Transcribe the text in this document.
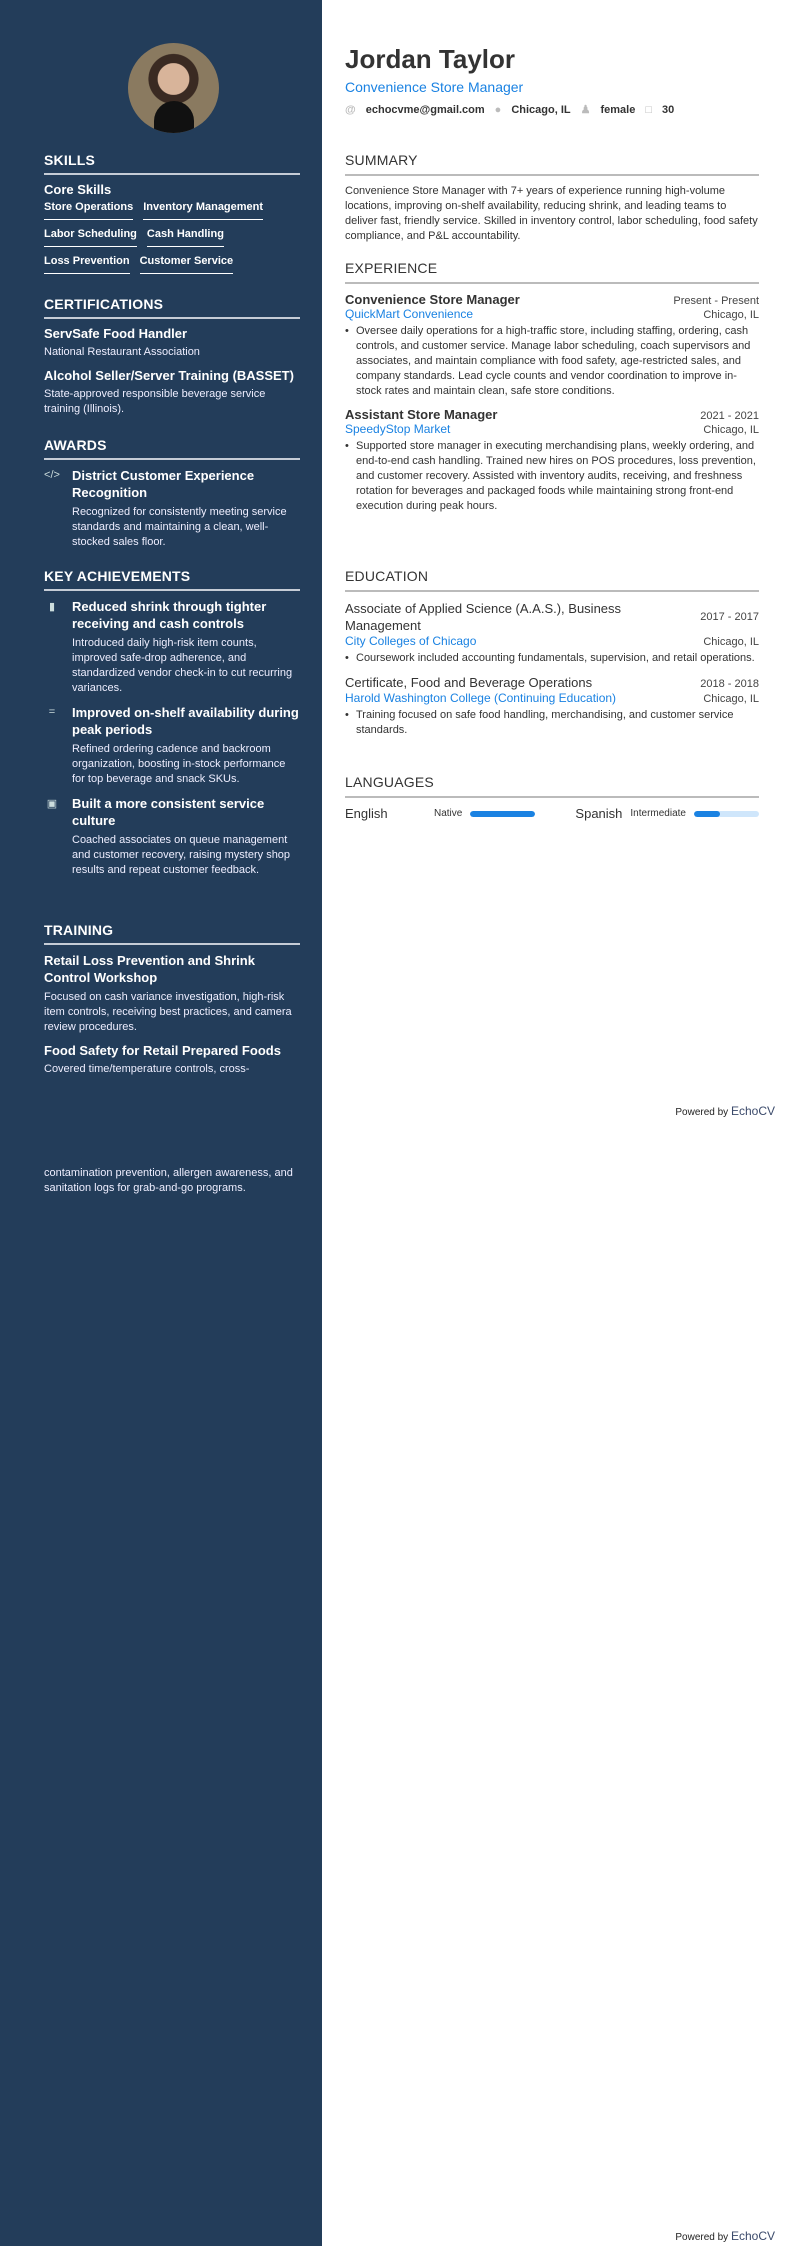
SKILLS
Core Skills
Store Operations Inventory Management
Labor Scheduling Cash Handling
Loss Prevention Customer Service
CERTIFICATIONS
ServSafe Food Handler
National Restaurant Association
Alcohol Seller/Server Training (BASSET)
State-approved responsible beverage service training (Illinois).
AWARDS
</> District Customer Experience Recognition
Recognized for consistently meeting service standards and maintaining a clean, well-stocked sales floor.
KEY ACHIEVEMENTS
▮	Reduced shrink through tighter receiving and cash controls
Introduced daily high-risk item counts, improved safe-drop adherence, and standardized vendor check-in to cut recurring variances.
=	Improved on-shelf availability during peak periods
Refined ordering cadence and backroom organization, boosting in-stock performance for top beverage and snack SKUs.
▣ Built a more consistent service culture
Coached associates on queue management and customer recovery, raising mystery shop results and repeat customer feedback.
TRAINING
Retail Loss Prevention and Shrink Control Workshop
Focused on cash variance investigation, high-risk item controls, receiving best practices, and camera review procedures.
Food Safety for Retail Prepared Foods
Covered time/temperature controls, cross-
contamination prevention, allergen awareness, and sanitation logs for grab-and-go programs.
Jordan Taylor
Convenience Store Manager
@ echocvme@gmail.com ● Chicago, IL ♟ female □ 30
SUMMARY
Convenience Store Manager with 7+ years of experience running high-volume locations, improving on-shelf availability, reducing shrink, and leading teams to deliver fast, friendly service. Skilled in inventory control, labor scheduling, food safety compliance, and P&L accountability.
EXPERIENCE
Convenience Store Manager	Present - Present
QuickMart Convenience	Chicago, IL
• Oversee daily operations for a high-traffic store, including staffing, ordering, cash controls, and customer service. Manage labor scheduling, coach supervisors and associates, and maintain compliance with food safety, age-restricted sales, and company standards. Lead cycle counts and vendor coordination to improve in-stock rates and maintain clean, safe store conditions.
Assistant Store Manager	2021 - 2021
SpeedyStop Market	Chicago, IL
• Supported store manager in executing merchandising plans, weekly ordering, and end-to-end cash handling. Trained new hires on POS procedures, loss prevention, and customer recovery. Assisted with inventory audits, receiving, and freshness rotation for beverages and packaged foods while maintaining strong front-end execution during peak hours.
EDUCATION
Associate of Applied Science (A.A.S.), Business Management
2017 - 2017
City Colleges of Chicago	Chicago, IL
• Coursework included accounting fundamentals, supervision, and retail operations.
Certificate, Food and Beverage Operations	2018 - 2018
Harold Washington College (Continuing Education)	Chicago, IL
• Training focused on safe food handling, merchandising, and customer service standards.
LANGUAGES
English	Native	Spanish Intermediate
Powered by EchoCV
Powered by EchoCV
